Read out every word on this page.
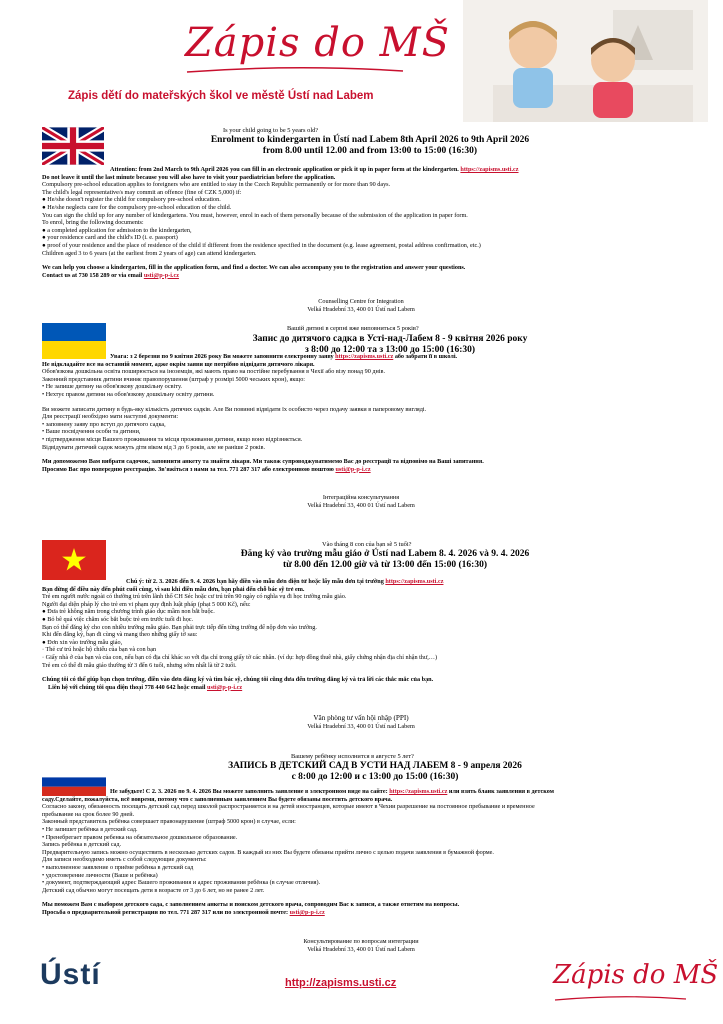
Zápis do MŠ
Zápis dětí do mateřských škol ve městě Ústí nad Labem
Is your child going to be 5 years old?
Enrolment to kindergarten in Ústí nad Labem 8th April 2026 to 9th April 2026
from 8.00 until 12.00 and from 13:00 to 15:00 (16:30)
Attention: from 2nd March to 9th April 2026 you can fill in an electronic application or pick it up in paper form at the kindergarten. https://zapisms.usti.cz
Do not leave it until the last minute because you will also have to visit your paediatrician before the application.
Compulsory pre-school education applies to foreigners who are entitled to stay in the Czech Republic permanently or for more than 90 days.
The child's legal representative/s may commit an offence (fine of CZK 5,000) if:
● He/she doesn't register the child for compulsory pre-school education.
● He/she neglects care for the compulsory pre-school education of the child.
You can sign the child up for any number of kindergartens. You must, however, enrol in each of them personally because of the submission of the application in paper form.
To enrol, bring the following documents:
● a completed application for admission to the kindergarten,
● your residence card and the child's ID (i. e. passport)
● proof of your residence and the place of residence of the child if different from the residence specified in the document (e.g. lease agreement, postal address confirmation, etc.)
Children aged 3 to 6 years (at the earliest from 2 years of age) can attend kindergarten.
We can help you choose a kindergarten, fill in the application form, and find a doctor. We can also accompany you to the registration and answer your questions.
Contact us at 730 158 289 or via email usti@p-p-i.cz
Counselling Centre for Integration
Velká Hradební 33, 400 01 Ústí nad Labem
Вашій дитині в серпні вже виповниться 5 років?
Запис до дитячого садка в Усті-над-Лабем 8 - 9 квітня 2026 року
з 8:00 до 12:00 та з 13:00 до 15:00 (16:30)
Увага: з 2 березня по 9 квітня 2026 року Ви можете заповнити електронну заяву https://zapisms.usti.cz або забрати її в школі.
Не відкладайте все на останній момент, адже окрім заяви ще потрібно відвідати дитячого лікаря.
Обов'язкова дошкільна освіта поширюється на іноземців, які мають право на постійне перебування в Чехії або візу понад 90 днів.
Законний представник дитини вчиняє правопорушення (штраф у розмірі 5000 чеських крон), якщо:
• Не запише дитину на обов'язкову дошкільну освіту.
• Нехтує правом дитини на обов'язкову дошкільну освіту дитини.
Ви можете записати дитину в будь-яку кількість дитячих садків. Але Ви повинні відвідати їх особисто через подачу заявки в паперовому вигляді.
Для реєстрації необхідно мати наступні документи:
• заповнену заяву про вступ до дитячого садка,
• Ваше посвідчення особи та дитини,
• підтвердження місця Вашого проживання та місця проживання дитини, якщо воно відрізняється.
Відвідувати дитячий садок можуть діти віком від 3 до 6 років, але не раніше 2 років.
Ми допоможемо Вам вибрати садочок, заповнити анкету та знайти лікаря. Ми також супроводжуватимемо Вас до реєстрації та відповімо на Ваші запитання.
Просимо Вас про попередню реєстрацію. Зв'яжіться з нами за тел. 771 287 317 або електронною поштою usti@p-p-i.cz
Інтеграційна консультування
Velká Hradební 33, 400 01 Ústí nad Labem
Vào tháng 8 con của bạn sẽ 5 tuổi?
Đăng ký vào trường mẫu giáo ở Ústí nad Labem 8. 4. 2026 và 9. 4. 2026
từ 8.00 đến 12.00 giờ và từ 13:00 đến 15:00 (16:30)
Chú ý: từ 2. 3. 2026 đến 9. 4. 2026 bạn hãy điền vào mẫu đơn điện tử hoặc lấy mẫu đơn tại trường https://zapisms.usti.cz
Bạn đừng để điều này đến phút cuối cùng, vì sau khi điền mẫu đơn, bạn phải đến chỗ bác sỹ trẻ em.
Trẻ em người nước ngoài có thường trú trên lãnh thổ CH Séc hoặc cư trú trên 90 ngày có nghĩa vụ đi học trường mẫu giáo.
Người đại diện pháp lý cho trẻ em vi phạm quy định luật pháp (phạt 5 000 Kč), nếu:
● Đưa trẻ không năm trong chương trình giáo dục mầm non bắt buộc.
● Bỏ bê quá việc chăm sóc bắt buộc trẻ em trước tuổi đi học.
Bạn có thể đăng ký cho con nhiều trường mẫu giáo. Bạn phải trực tiếp đến từng trường để nộp đơn vào trường.
Khi đến đăng ký, bạn đi cùng và mang theo những giấy tờ sau:
● Đơn xin vào trường mẫu giáo,
· Thẻ cư trú hoặc hộ chiếu của bạn và con bạn
· Giấy nhà ở của bạn và của con, nếu bạn có địa chỉ khác so với địa chỉ trong giấy tờ các nhân. (ví dụ: hợp đồng thuê nhà, giấy chứng nhận địa chỉ nhận thư,…)
Trẻ em có thể đi mẫu giáo thường từ 3 đến 6 tuổi, nhưng sớm nhất là từ 2 tuổi.
Chúng tôi có thể giúp bạn chọn trường, điền vào đơn đăng ký và tìm bác sỹ, chúng tôi cũng đưa đến trường đăng ký và trả lời các thắc mắc của bạn.
Liên hệ với chúng tôi qua điện thoại 778 440 642 hoặc email usti@p-p-i.cz
Văn phòng tư vấn hội nhập (PPI)
Velká Hradební 33, 400 01 Ústí nad Labem
Вашему ребёнку исполнится в августе 5 лет?
ЗАПИСЬ В ДЕТСКИЙ САД В УСТИ НАД ЛАБЕМ 8 - 9 апреля 2026
с 8:00 до 12:00 и с 13:00 до 15:00 (16:30)
Не забудьте! С 2. 3. 2026 по 9. 4. 2026 Вы можете заполнить заявление в электронном виде на сайте: https://zapisms.usti.cz или взять бланк заявления в детском
саду.Сделайте, пожалуйста, всё вовремя, потому что с заполненным заявлением Вы будете обязаны посетить детского врача.
Согласно закону, обязанность посещать детский сад перед школой распространяется и на детей иностранцев, которые имеют в Чехии разрешение на постоянное пребывание и временное
пребывание на срок более 90 дней.
Законный представитель ребёнка совершает правонарушение (штраф 5000 крон) в случае, если:
• Не запишет ребёнка в детский сад.
• Пренебрегает правом ребенка на обязательное дошкольное образование.
Запись ребёнка в детский сад.
Предварительную запись можно осуществить в несколько детских садов. В каждый из них Вы будете обязаны прийти лично с целью подачи заявления в бумажной форме.
Для записи необходимо иметь с собой следующие документы:
• выполненное заявление о приёме ребёнка в детский сад
• удостоверение личности (Ваше и ребёнка)
• документ, подтверждающий адрес Вашего проживания и адрес проживания ребёнка (в случае отличия).
Детский сад обычно могут посещать дети в возрасте от 3 до 6 лет, но не ранее 2 лет.
Мы поможем Вам с выбором детского сада, с заполнением анкеты и поиском детского врача, сопроводим Вас к записи, а также ответим на вопросы.
Просьба о предварительной регистрации по тел. 771 287 317 или по электронной почте: usti@p-p-i.cz
Консультирование по вопросам интеграции
Velká Hradební 33, 400 01 Ústí nad Labem
Ústí	http://zapisms.usti.cz	Zápis do MŠ
